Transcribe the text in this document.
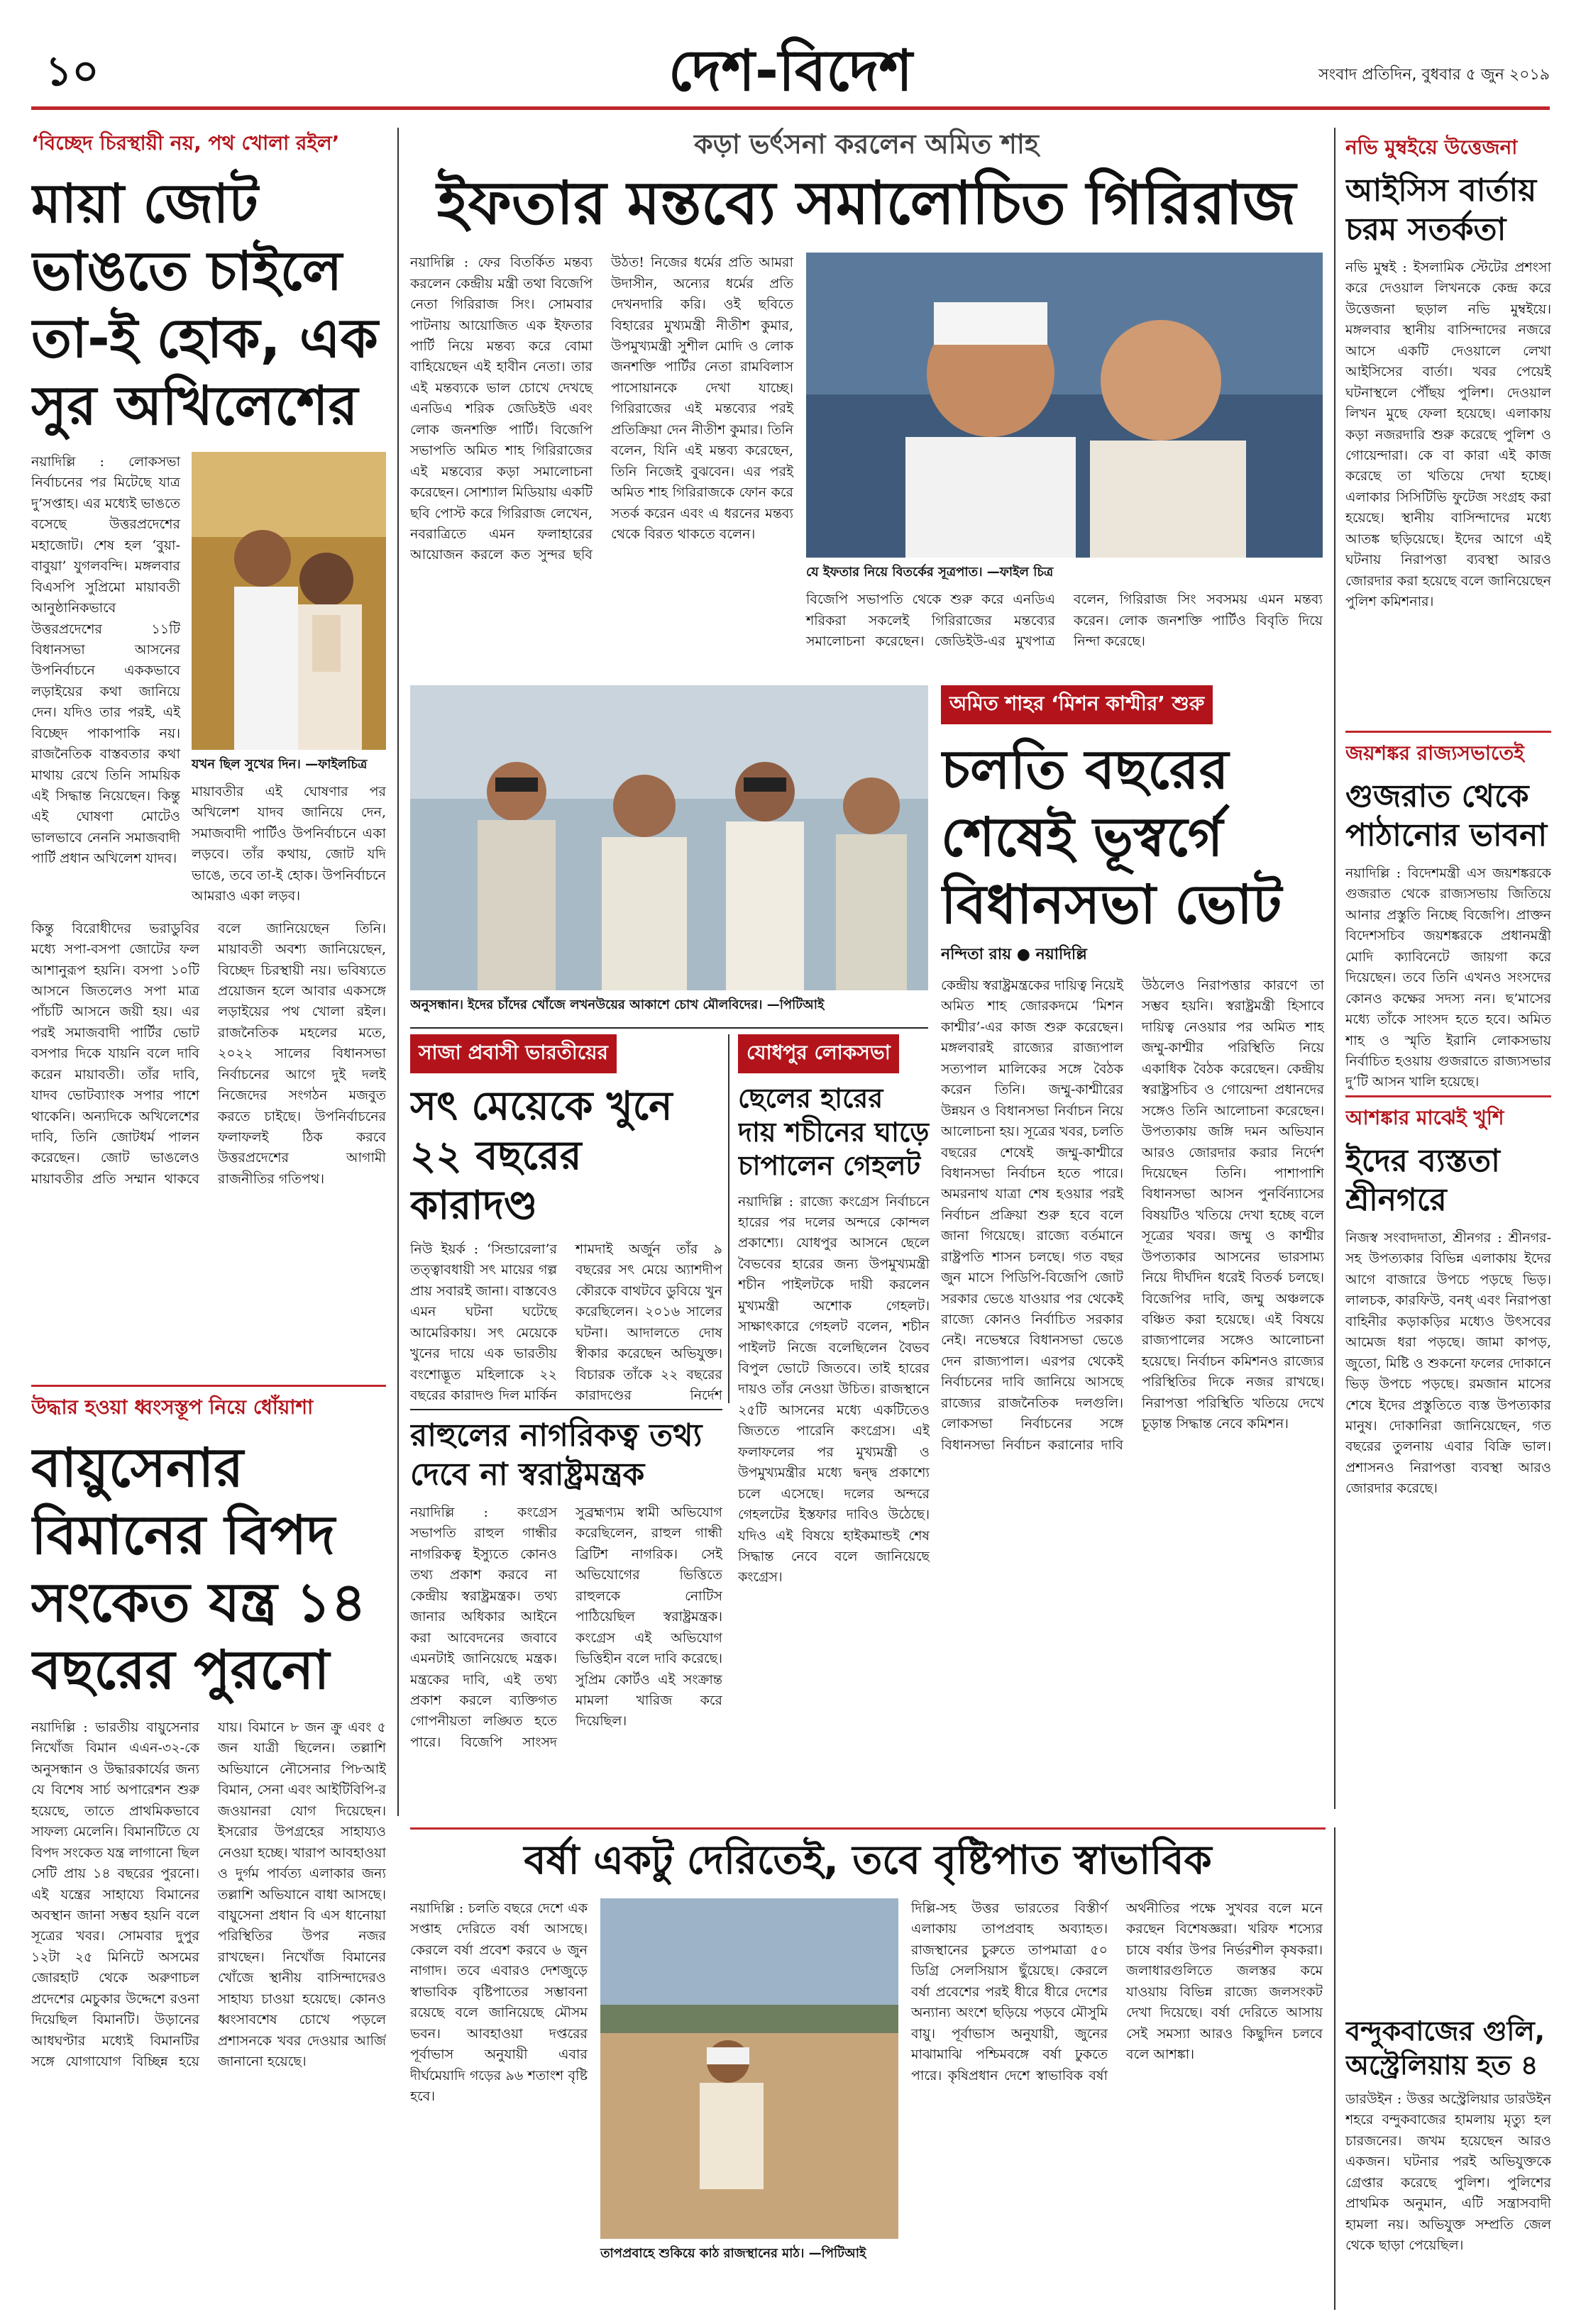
১০	দেশ-বিদেশ	সংবাদ প্রতিদিন, বুধবার ৫ জুন ২০১৯
‘বিচ্ছেদ চিরস্থায়ী নয়, পথ খোলা রইল’
মায়া জোট ভাঙতে চাইলে তা-ই হোক, এক সুর অখিলেশের
নয়াদিল্লি : লোকসভা নির্বাচনের পর মিটেছে যাত্র দু’সপ্তাহ। এর মধ্যেই ভাঙতে বসেছে উত্তরপ্রদেশের মহাজোট। শেষ হল ‘বুয়া-বাবুয়া’ যুগলবন্দি। মঙ্গলবার বিএসপি সুপ্রিমো মায়াবতী আনুষ্ঠানিকভাবে উত্তরপ্রদেশের ১১টি বিধানসভা আসনের উপনির্বাচনে এককভাবে লড়াইয়ের কথা জানিয়ে দেন। যদিও তার পরই, এই বিচ্ছেদ পাকাপাকি নয়। রাজনৈতিক বাস্তবতার কথা মাথায় রেখে তিনি সাময়িক এই সিদ্ধান্ত নিয়েছেন। কিন্তু এই ঘোষণা মোটেও ভালভাবে নেননি সমাজবাদী পার্টি প্রধান অখিলেশ যাদব।
যখন ছিল সুখের দিন। —ফাইলচিত্র
মায়াবতীর এই ঘোষণার পর অখিলেশ যাদব জানিয়ে দেন, সমাজবাদী পার্টিও উপনির্বাচনে একা লড়বে। তাঁর কথায়, জোট যদি ভাঙে, তবে তা-ই হোক। উপনির্বাচনে আমরাও একা লড়ব।
কিন্তু বিরোধীদের ভরাডুবির মধ্যে সপা-বসপা জোটের ফল আশানুরূপ হয়নি। বসপা ১০টি আসনে জিতলেও সপা মাত্র পাঁচটি আসনে জয়ী হয়। এর পরই সমাজবাদী পার্টির ভোট বসপার দিকে যায়নি বলে দাবি করেন মায়াবতী। তাঁর দাবি, যাদব ভোটব্যাংক সপার পাশে থাকেনি। অন্যদিকে অখিলেশের দাবি, তিনি জোটধর্ম পালন করেছেন। জোট ভাঙলেও মায়াবতীর প্রতি সম্মান থাকবে বলে জানিয়েছেন তিনি। মায়াবতী অবশ্য জানিয়েছেন, বিচ্ছেদ চিরস্থায়ী নয়। ভবিষ্যতে প্রয়োজন হলে আবার একসঙ্গে লড়াইয়ের পথ খোলা রইল। রাজনৈতিক মহলের মতে, ২০২২ সালের বিধানসভা নির্বাচনের আগে দুই দলই নিজেদের সংগঠন মজবুত করতে চাইছে। উপনির্বাচনের ফলাফলই ঠিক করবে উত্তরপ্রদেশের আগামী রাজনীতির গতিপথ।
উদ্ধার হওয়া ধ্বংসস্তূপ নিয়ে ধোঁয়াশা
বায়ুসেনার বিমানের বিপদ সংকেত যন্ত্র ১৪ বছরের পুরনো
নয়াদিল্লি : ভারতীয় বায়ুসেনার নিখোঁজ বিমান এএন-৩২-কে অনুসন্ধান ও উদ্ধারকার্যের জন্য যে বিশেষ সার্চ অপারেশন শুরু হয়েছে, তাতে প্রাথমিকভাবে সাফল্য মেলেনি। বিমানটিতে যে বিপদ সংকেত যন্ত্র লাগানো ছিল সেটি প্রায় ১৪ বছরের পুরনো। এই যন্ত্রের সাহায্যে বিমানের অবস্থান জানা সম্ভব হয়নি বলে সূত্রের খবর। সোমবার দুপুর ১২টা ২৫ মিনিটে অসমের জোরহাট থেকে অরুণাচল প্রদেশের মেচুকার উদ্দেশে রওনা দিয়েছিল বিমানটি। উড়ানের আধঘণ্টার মধ্যেই বিমানটির সঙ্গে যোগাযোগ বিচ্ছিন্ন হয়ে যায়। বিমানে ৮ জন ক্রু এবং ৫ জন যাত্রী ছিলেন। তল্লাশি অভিযানে নৌসেনার পি৮আই বিমান, সেনা এবং আইটিবিপি-র জওয়ানরা যোগ দিয়েছেন। ইসরোর উপগ্রহের সাহায্যও নেওয়া হচ্ছে। খারাপ আবহাওয়া ও দুর্গম পার্বত্য এলাকার জন্য তল্লাশি অভিযানে বাধা আসছে। বায়ুসেনা প্রধান বি এস ধানোয়া পরিস্থিতির উপর নজর রাখছেন। নিখোঁজ বিমানের খোঁজে স্থানীয় বাসিন্দাদেরও সাহায্য চাওয়া হয়েছে। কোনও ধ্বংসাবশেষ চোখে পড়লে প্রশাসনকে খবর দেওয়ার আর্জি জানানো হয়েছে।
কড়া ভর্ৎসনা করলেন অমিত শাহ
ইফতার মন্তব্যে সমালোচিত গিরিরাজ
নয়াদিল্লি : ফের বিতর্কিত মন্তব্য করলেন কেন্দ্রীয় মন্ত্রী তথা বিজেপি নেতা গিরিরাজ সিং। সোমবার পাটনায় আয়োজিত এক ইফতার পার্টি নিয়ে মন্তব্য করে বোমা বাহিয়েছেন এই হাবীন নেতা। তার এই মন্তব্যকে ভাল চোখে দেখছে এনডিএ শরিক জেডিইউ এবং লোক জনশক্তি পার্টি। বিজেপি সভাপতি অমিত শাহ গিরিরাজের এই মন্তব্যের কড়া সমালোচনা করেছেন। সোশ্যাল মিডিয়ায় একটি ছবি পোস্ট করে গিরিরাজ লেখেন, নবরাত্রিতে এমন ফলাহারের আয়োজন করলে কত সুন্দর ছবি উঠত! নিজের ধর্মের প্রতি আমরা উদাসীন, অন্যের ধর্মের প্রতি দেখনদারি করি। ওই ছবিতে বিহারের মুখ্যমন্ত্রী নীতীশ কুমার, উপমুখ্যমন্ত্রী সুশীল মোদি ও লোক জনশক্তি পার্টির নেতা রামবিলাস পাসোয়ানকে দেখা যাচ্ছে। গিরিরাজের এই মন্তব্যের পরই প্রতিক্রিয়া দেন নীতীশ কুমার। তিনি বলেন, যিনি এই মন্তব্য করেছেন, তিনি নিজেই বুঝবেন। এর পরই অমিত শাহ গিরিরাজকে ফোন করে সতর্ক করেন এবং এ ধরনের মন্তব্য থেকে বিরত থাকতে বলেন।
যে ইফতার নিয়ে বিতর্কের সূত্রপাত। —ফাইল চিত্র
বিজেপি সভাপতি থেকে শুরু করে এনডিএ শরিকরা সকলেই গিরিরাজের মন্তব্যের সমালোচনা করেছেন। জেডিইউ-এর মুখপাত্র বলেন, গিরিরাজ সিং সবসময় এমন মন্তব্য করেন। লোক জনশক্তি পার্টিও বিবৃতি দিয়ে নিন্দা করেছে।
নভি মুম্বইয়ে উত্তেজনা
আইসিস বার্তায় চরম সতর্কতা
নভি মুম্বই : ইসলামিক স্টেটের প্রশংসা করে দেওয়াল লিখনকে কেন্দ্র করে উত্তেজনা ছড়াল নভি মুম্বইয়ে। মঙ্গলবার স্থানীয় বাসিন্দাদের নজরে আসে একটি দেওয়ালে লেখা আইসিসের বার্তা। খবর পেয়েই ঘটনাস্থলে পৌঁছয় পুলিশ। দেওয়াল লিখন মুছে ফেলা হয়েছে। এলাকায় কড়া নজরদারি শুরু করেছে পুলিশ ও গোয়েন্দারা। কে বা কারা এই কাজ করেছে তা খতিয়ে দেখা হচ্ছে। এলাকার সিসিটিভি ফুটেজ সংগ্রহ করা হয়েছে। স্থানীয় বাসিন্দাদের মধ্যে আতঙ্ক ছড়িয়েছে। ইদের আগে এই ঘটনায় নিরাপত্তা ব্যবস্থা আরও জোরদার করা হয়েছে বলে জানিয়েছেন পুলিশ কমিশনার।
জয়শঙ্কর রাজ্যসভাতেই
গুজরাত থেকে পাঠানোর ভাবনা
নয়াদিল্লি : বিদেশমন্ত্রী এস জয়শঙ্করকে গুজরাত থেকে রাজ্যসভায় জিতিয়ে আনার প্রস্তুতি নিচ্ছে বিজেপি। প্রাক্তন বিদেশসচিব জয়শঙ্করকে প্রধানমন্ত্রী মোদি ক্যাবিনেটে জায়গা করে দিয়েছেন। তবে তিনি এখনও সংসদের কোনও কক্ষের সদস্য নন। ছ’মাসের মধ্যে তাঁকে সাংসদ হতে হবে। অমিত শাহ ও স্মৃতি ইরানি লোকসভায় নির্বাচিত হওয়ায় গুজরাতে রাজ্যসভার দু’টি আসন খালি হয়েছে।
আশঙ্কার মাঝেই খুশি
ইদের ব্যস্ততা শ্রীনগরে
নিজস্ব সংবাদদাতা, শ্রীনগর : শ্রীনগর-সহ উপত্যকার বিভিন্ন এলাকায় ইদের আগে বাজারে উপচে পড়ছে ভিড়। লালচক, কারফিউ, বনধ্‌ এবং নিরাপত্তা বাহিনীর কড়াকড়ির মধ্যেও উৎসবের আমেজ ধরা পড়ছে। জামা কাপড়, জুতো, মিষ্টি ও শুকনো ফলের দোকানে ভিড় উপচে পড়ছে। রমজান মাসের শেষে ইদের প্রস্তুতিতে ব্যস্ত উপত্যকার মানুষ। দোকানিরা জানিয়েছেন, গত বছরের তুলনায় এবার বিক্রি ভাল। প্রশাসনও নিরাপত্তা ব্যবস্থা আরও জোরদার করেছে।
অনুসন্ধান। ইদের চাঁদের খোঁজে লখনউয়ের আকাশে চোখ মৌলবিদের। —পিটিআই
অমিত শাহর ‘মিশন কাশ্মীর’ শুরু
চলতি বছরের শেষেই ভূস্বর্গে বিধানসভা ভোট
নন্দিতা রায় ● নয়াদিল্লি
কেন্দ্রীয় স্বরাষ্ট্রমন্ত্রকের দায়িত্ব নিয়েই অমিত শাহ জোরকদমে ‘মিশন কাশ্মীর’-এর কাজ শুরু করেছেন। মঙ্গলবারই রাজ্যের রাজ্যপাল সত্যপাল মালিকের সঙ্গে বৈঠক করেন তিনি। জম্মু-কাশ্মীরের উন্নয়ন ও বিধানসভা নির্বাচন নিয়ে আলোচনা হয়। সূত্রের খবর, চলতি বছরের শেষেই জম্মু-কাশ্মীরে বিধানসভা নির্বাচন হতে পারে। অমরনাথ যাত্রা শেষ হওয়ার পরই নির্বাচন প্রক্রিয়া শুরু হবে বলে জানা গিয়েছে। রাজ্যে বর্তমানে রাষ্ট্রপতি শাসন চলছে। গত বছর জুন মাসে পিডিপি-বিজেপি জোট সরকার ভেঙে যাওয়ার পর থেকেই রাজ্যে কোনও নির্বাচিত সরকার নেই। নভেম্বরে বিধানসভা ভেঙে দেন রাজ্যপাল। এরপর থেকেই নির্বাচনের দাবি জানিয়ে আসছে রাজ্যের রাজনৈতিক দলগুলি। লোকসভা নির্বাচনের সঙ্গে বিধানসভা নির্বাচন করানোর দাবি উঠলেও নিরাপত্তার কারণে তা সম্ভব হয়নি। স্বরাষ্ট্রমন্ত্রী হিসাবে দায়িত্ব নেওয়ার পর অমিত শাহ জম্মু-কাশ্মীর পরিস্থিতি নিয়ে একাধিক বৈঠক করেছেন। কেন্দ্রীয় স্বরাষ্ট্রসচিব ও গোয়েন্দা প্রধানদের সঙ্গেও তিনি আলোচনা করেছেন। উপত্যকায় জঙ্গি দমন অভিযান আরও জোরদার করার নির্দেশ দিয়েছেন তিনি। পাশাপাশি বিধানসভা আসন পুনর্বিন্যাসের বিষয়টিও খতিয়ে দেখা হচ্ছে বলে সূত্রের খবর। জম্মু ও কাশ্মীর উপত্যকার আসনের ভারসাম্য নিয়ে দীর্ঘদিন ধরেই বিতর্ক চলছে। বিজেপির দাবি, জম্মু অঞ্চলকে বঞ্চিত করা হয়েছে। এই বিষয়ে রাজ্যপালের সঙ্গেও আলোচনা হয়েছে। নির্বাচন কমিশনও রাজ্যের পরিস্থিতির দিকে নজর রাখছে। নিরাপত্তা পরিস্থিতি খতিয়ে দেখে চূড়ান্ত সিদ্ধান্ত নেবে কমিশন।
সাজা প্রবাসী ভারতীয়ের
সৎ মেয়েকে খুনে ২২ বছরের কারাদণ্ড
নিউ ইয়র্ক : ‘সিন্ডারেলা’র তত্ত্বাবধায়ী সৎ মায়ের গল্প প্রায় সবারই জানা। বাস্তবেও এমন ঘটনা ঘটেছে আমেরিকায়। সৎ মেয়েকে খুনের দায়ে এক ভারতীয় বংশোদ্ভূত মহিলাকে ২২ বছরের কারাদণ্ড দিল মার্কিন শামদাই অর্জুন তাঁর ৯ বছরের সৎ মেয়ে অ্যাশদীপ কৌরকে বাথটবে ডুবিয়ে খুন করেছিলেন। ২০১৬ সালের ঘটনা। আদালতে দোষ স্বীকার করেছেন অভিযুক্ত। বিচারক তাঁকে ২২ বছরের কারাদণ্ডের নির্দেশ
যোধপুর লোকসভা
ছেলের হারের দায় শচীনের ঘাড়ে চাপালেন গেহলট
নয়াদিল্লি : রাজ্যে কংগ্রেস নির্বাচনে হারের পর দলের অন্দরে কোন্দল প্রকাশ্যে। যোধপুর আসনে ছেলে বৈভবের হারের জন্য উপমুখ্যমন্ত্রী শচীন পাইলটকে দায়ী করলেন মুখ্যমন্ত্রী অশোক গেহলট। সাক্ষাৎকারে গেহলট বলেন, শচীন পাইলট নিজে বলেছিলেন বৈভব বিপুল ভোটে জিতবে। তাই হারের দায়ও তাঁর নেওয়া উচিত। রাজস্থানে ২৫টি আসনের মধ্যে একটিতেও জিততে পারেনি কংগ্রেস। এই ফলাফলের পর মুখ্যমন্ত্রী ও উপমুখ্যমন্ত্রীর মধ্যে দ্বন্দ্ব প্রকাশ্যে চলে এসেছে। দলের অন্দরে গেহলটের ইস্তফার দাবিও উঠেছে। যদিও এই বিষয়ে হাইকমান্ডই শেষ সিদ্ধান্ত নেবে বলে জানিয়েছে কংগ্রেস।
রাহুলের নাগরিকত্ব তথ্য দেবে না স্বরাষ্ট্রমন্ত্রক
নয়াদিল্লি : কংগ্রেস সভাপতি রাহুল গান্ধীর নাগরিকত্ব ইস্যুতে কোনও তথ্য প্রকাশ করবে না কেন্দ্রীয় স্বরাষ্ট্রমন্ত্রক। তথ্য জানার অধিকার আইনে করা আবেদনের জবাবে এমনটাই জানিয়েছে মন্ত্রক। মন্ত্রকের দাবি, এই তথ্য প্রকাশ করলে ব্যক্তিগত গোপনীয়তা লঙ্ঘিত হতে পারে। বিজেপি সাংসদ সুব্রহ্মণ্যম স্বামী অভিযোগ করেছিলেন, রাহুল গান্ধী ব্রিটিশ নাগরিক। সেই অভিযোগের ভিত্তিতে রাহুলকে নোটিস পাঠিয়েছিল স্বরাষ্ট্রমন্ত্রক। কংগ্রেস এই অভিযোগ ভিত্তিহীন বলে দাবি করেছে। সুপ্রিম কোর্টও এই সংক্রান্ত মামলা খারিজ করে দিয়েছিল।
বর্ষা একটু দেরিতেই, তবে বৃষ্টিপাত স্বাভাবিক
নয়াদিল্লি : চলতি বছরে দেশে এক সপ্তাহ দেরিতে বর্ষা আসছে। কেরলে বর্ষা প্রবেশ করবে ৬ জুন নাগাদ। তবে এবারও দেশজুড়ে স্বাভাবিক বৃষ্টিপাতের সম্ভাবনা রয়েছে বলে জানিয়েছে মৌসম ভবন। আবহাওয়া দপ্তরের পূর্বাভাস অনুযায়ী এবার দীর্ঘমেয়াদি গড়ের ৯৬ শতাংশ বৃষ্টি হবে।
তাপপ্রবাহে শুকিয়ে কাঠ রাজস্থানের মাঠ। —পিটিআই
দিল্লি-সহ উত্তর ভারতের বিস্তীর্ণ এলাকায় তাপপ্রবাহ অব্যাহত। রাজস্থানের চুরুতে তাপমাত্রা ৫০ ডিগ্রি সেলসিয়াস ছুঁয়েছে। কেরলে বর্ষা প্রবেশের পরই ধীরে ধীরে দেশের অন্যান্য অংশে ছড়িয়ে পড়বে মৌসুমি বায়ু। পূর্বাভাস অনুযায়ী, জুনের মাঝামাঝি পশ্চিমবঙ্গে বর্ষা ঢুকতে পারে। কৃষিপ্রধান দেশে স্বাভাবিক বর্ষা অর্থনীতির পক্ষে সুখবর বলে মনে করছেন বিশেষজ্ঞরা। খরিফ শস্যের চাষে বর্ষার উপর নির্ভরশীল কৃষকরা। জলাধারগুলিতে জলস্তর কমে যাওয়ায় বিভিন্ন রাজ্যে জলসংকট দেখা দিয়েছে। বর্ষা দেরিতে আসায় সেই সমস্যা আরও কিছুদিন চলবে বলে আশঙ্কা।
বন্দুকবাজের গুলি, অস্ট্রেলিয়ায় হত ৪
ডারউইন : উত্তর অস্ট্রেলিয়ার ডারউইন শহরে বন্দুকবাজের হামলায় মৃত্যু হল চারজনের। জখম হয়েছেন আরও একজন। ঘটনার পরই অভিযুক্তকে গ্রেপ্তার করেছে পুলিশ। পুলিশের প্রাথমিক অনুমান, এটি সন্ত্রাসবাদী হামলা নয়। অভিযুক্ত সম্প্রতি জেল থেকে ছাড়া পেয়েছিল।
